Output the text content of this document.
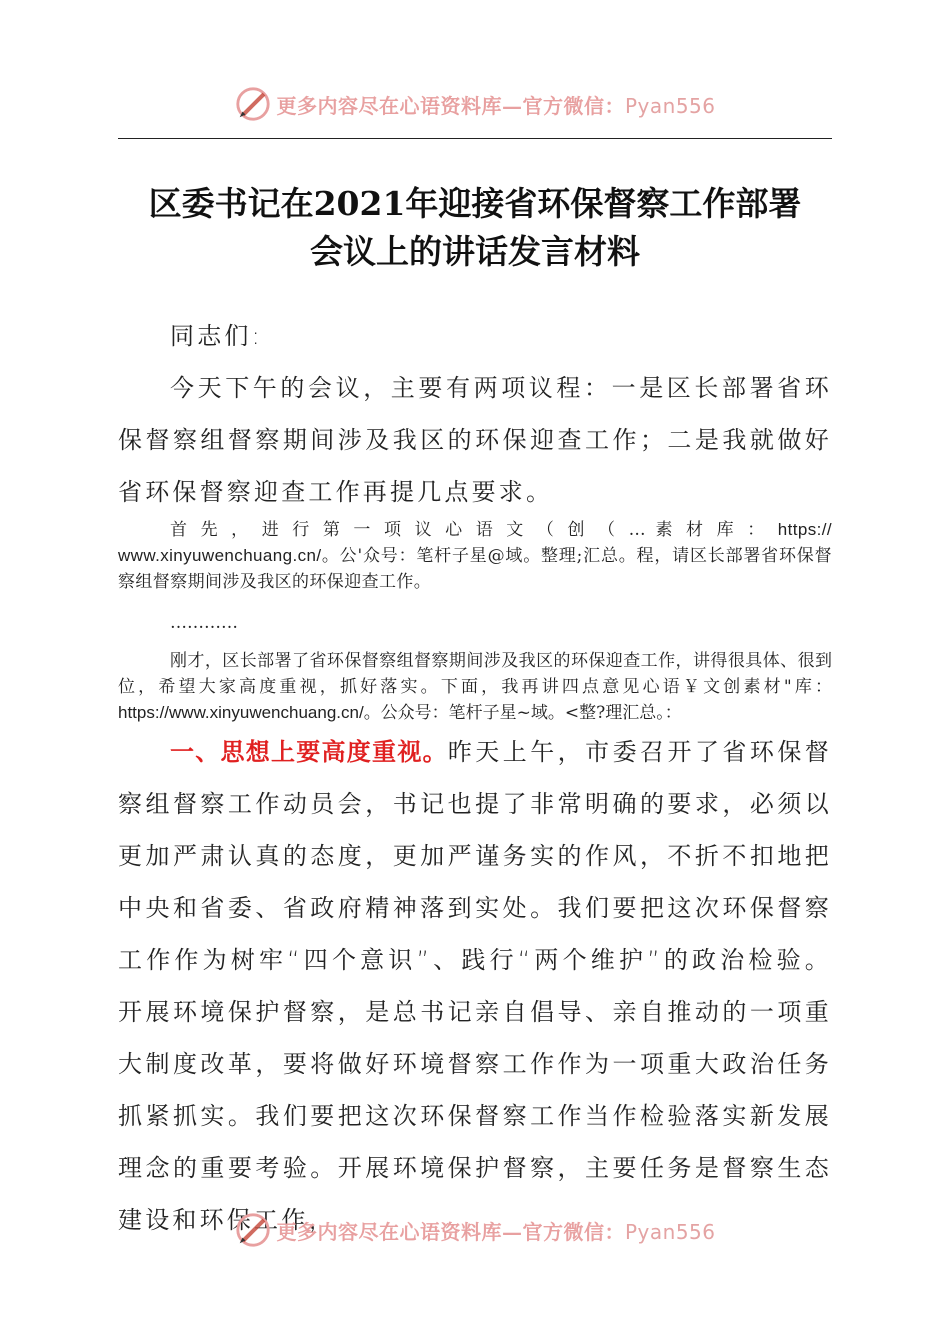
更多内容尽在心语资料库—官方微信：Pyan556
区委书记在2021年迎接省环保督察工作部署
会议上的讲话发言材料
同志们:
今天下午的会议，主要有两项议程：一是区长部署省环保督察组督察期间涉及我区的环保迎查工作；二是我就做好省环保督察迎查工作再提几点要求。
首 先 ， 进 行 第 一 项 议 心 语 文 （ 创 （ … 素 材 库 ： https:// www.xinyuwenchuang.cn/。公'众号：笔杆子星@域。整理;汇总。程，请区长部署省环保督察组督察期间涉及我区的环保迎查工作。
…………
刚才，区长部署了省环保督察组督察期间涉及我区的环保迎查工作，讲得很具体、很到位，希望大家高度重视，抓好落实。下面，我再讲四点意见心语￥文创素材"库：https://www.xinyuwenchuang.cn/。公众号：笔杆子星~域。<整?理汇总。：
一、思想上要高度重视。昨天上午，市委召开了省环保督察组督察工作动员会，书记也提了非常明确的要求，必须以更加严肃认真的态度，更加严谨务实的作风，不折不扣地把中央和省委、省政府精神落到实处。我们要把这次环保督察工作作为树牢“四个意识”、践行“两个维护”的政治检验。开展环境保护督察，是总书记亲自倡导、亲自推动的一项重大制度改革，要将做好环境督察工作作为一项重大政治任务抓紧抓实。我们要把这次环保督察工作当作检验落实新发展理念的重要考验。开展环境保护督察，主要任务是督察生态建设和环保工作，
更多内容尽在心语资料库—官方微信：Pyan556
